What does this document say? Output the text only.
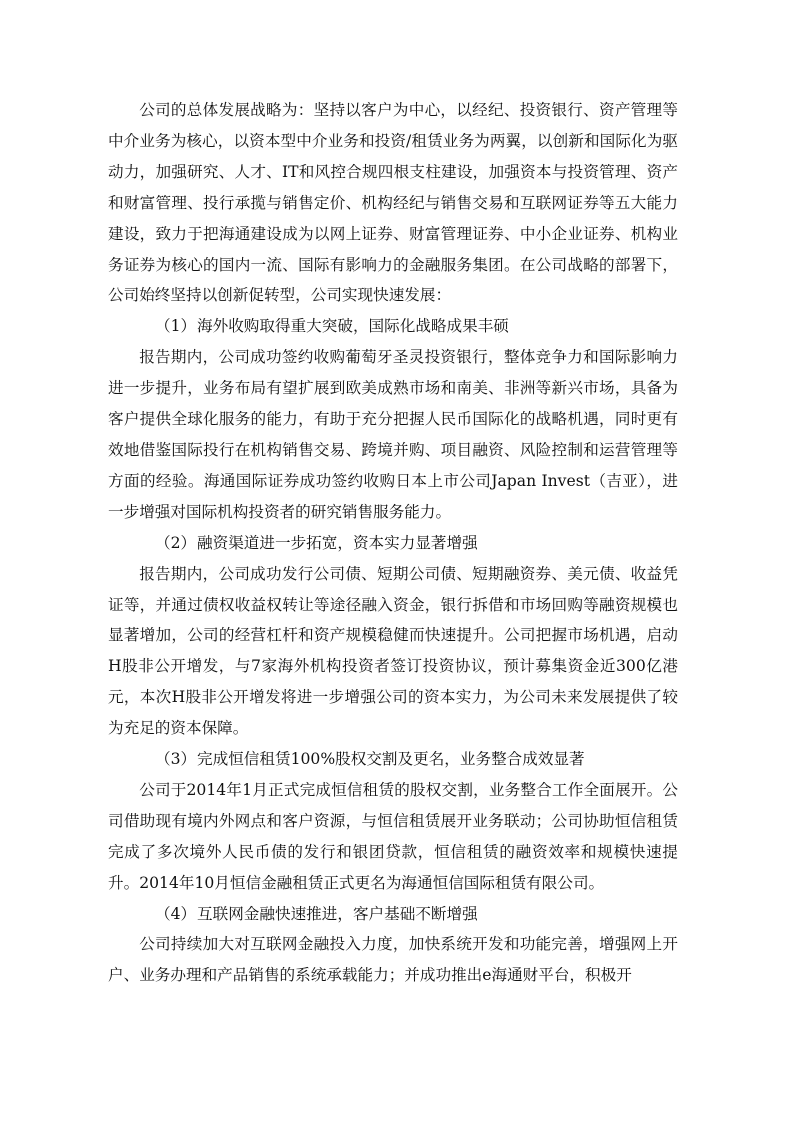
公司的总体发展战略为：坚持以客户为中心，以经纪、投资银行、资产管理等中介业务为核心，以资本型中介业务和投资/租赁业务为两翼，以创新和国际化为驱动力，加强研究、人才、IT和风控合规四根支柱建设，加强资本与投资管理、资产和财富管理、投行承揽与销售定价、机构经纪与销售交易和互联网证券等五大能力建设，致力于把海通建设成为以网上证券、财富管理证券、中小企业证券、机构业务证券为核心的国内一流、国际有影响力的金融服务集团。在公司战略的部署下，公司始终坚持以创新促转型，公司实现快速发展：

（1）海外收购取得重大突破，国际化战略成果丰硕

报告期内，公司成功签约收购葡萄牙圣灵投资银行，整体竞争力和国际影响力进一步提升，业务布局有望扩展到欧美成熟市场和南美、非洲等新兴市场，具备为客户提供全球化服务的能力，有助于充分把握人民币国际化的战略机遇，同时更有效地借鉴国际投行在机构销售交易、跨境并购、项目融资、风险控制和运营管理等方面的经验。海通国际证券成功签约收购日本上市公司Japan Invest（吉亚），进一步增强对国际机构投资者的研究销售服务能力。

（2）融资渠道进一步拓宽，资本实力显著增强

报告期内，公司成功发行公司债、短期公司债、短期融资券、美元债、收益凭证等，并通过债权收益权转让等途径融入资金，银行拆借和市场回购等融资规模也显著增加，公司的经营杠杆和资产规模稳健而快速提升。公司把握市场机遇，启动H股非公开增发，与7家海外机构投资者签订投资协议，预计募集资金近300亿港元，本次H股非公开增发将进一步增强公司的资本实力，为公司未来发展提供了较为充足的资本保障。

（3）完成恒信租赁100%股权交割及更名，业务整合成效显著

公司于2014年1月正式完成恒信租赁的股权交割，业务整合工作全面展开。公司借助现有境内外网点和客户资源，与恒信租赁展开业务联动；公司协助恒信租赁完成了多次境外人民币债的发行和银团贷款，恒信租赁的融资效率和规模快速提升。2014年10月恒信金融租赁正式更名为海通恒信国际租赁有限公司。

（4）互联网金融快速推进，客户基础不断增强

公司持续加大对互联网金融投入力度，加快系统开发和功能完善，增强网上开户、业务办理和产品销售的系统承载能力；并成功推出e海通财平台，积极开
